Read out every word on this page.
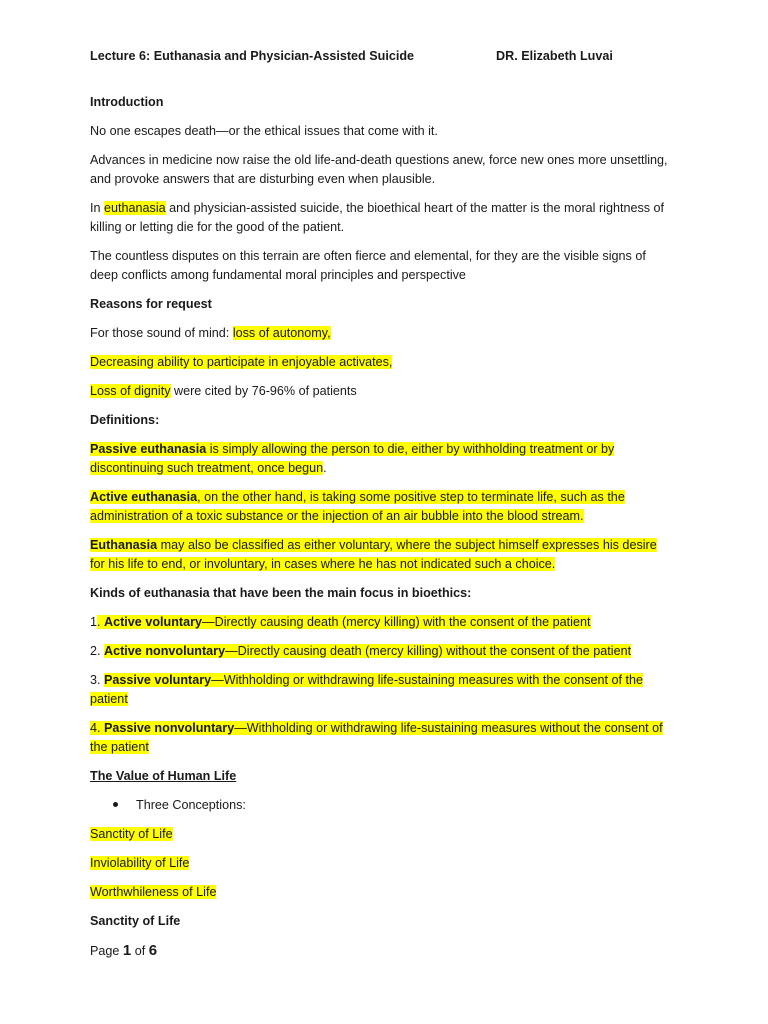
Lecture 6: Euthanasia and Physician-Assisted Suicide	DR. Elizabeth Luvai
Introduction
No one escapes death—or the ethical issues that come with it.
Advances in medicine now raise the old life-and-death questions anew, force new ones more unsettling,
and provoke answers that are disturbing even when plausible.
In euthanasia and physician-assisted suicide, the bioethical heart of the matter is the moral rightness of
killing or letting die for the good of the patient.
The countless disputes on this terrain are often fierce and elemental, for they are the visible signs of
deep conflicts among fundamental moral principles and perspective
Reasons for request
For those sound of mind: loss of autonomy,
Decreasing ability to participate in enjoyable activates,
Loss of dignity were cited by 76-96% of patients
Definitions:
Passive euthanasia is simply allowing the person to die, either by withholding treatment or by
discontinuing such treatment, once begun.
Active euthanasia, on the other hand, is taking some positive step to terminate life, such as the
administration of a toxic substance or the injection of an air bubble into the blood stream.
Euthanasia may also be classified as either voluntary, where the subject himself expresses his desire
for his life to end, or involuntary, in cases where he has not indicated such a choice.
Kinds of euthanasia that have been the main focus in bioethics:
1. Active voluntary—Directly causing death (mercy killing) with the consent of the patient
2. Active nonvoluntary—Directly causing death (mercy killing) without the consent of the patient
3. Passive voluntary—Withholding or withdrawing life-sustaining measures with the consent of the
patient
4. Passive nonvoluntary—Withholding or withdrawing life-sustaining measures without the consent of
the patient
The Value of Human Life
Three Conceptions:
Sanctity of Life
Inviolability of Life
Worthwhileness of Life
Sanctity of Life
Page 1 of 6
